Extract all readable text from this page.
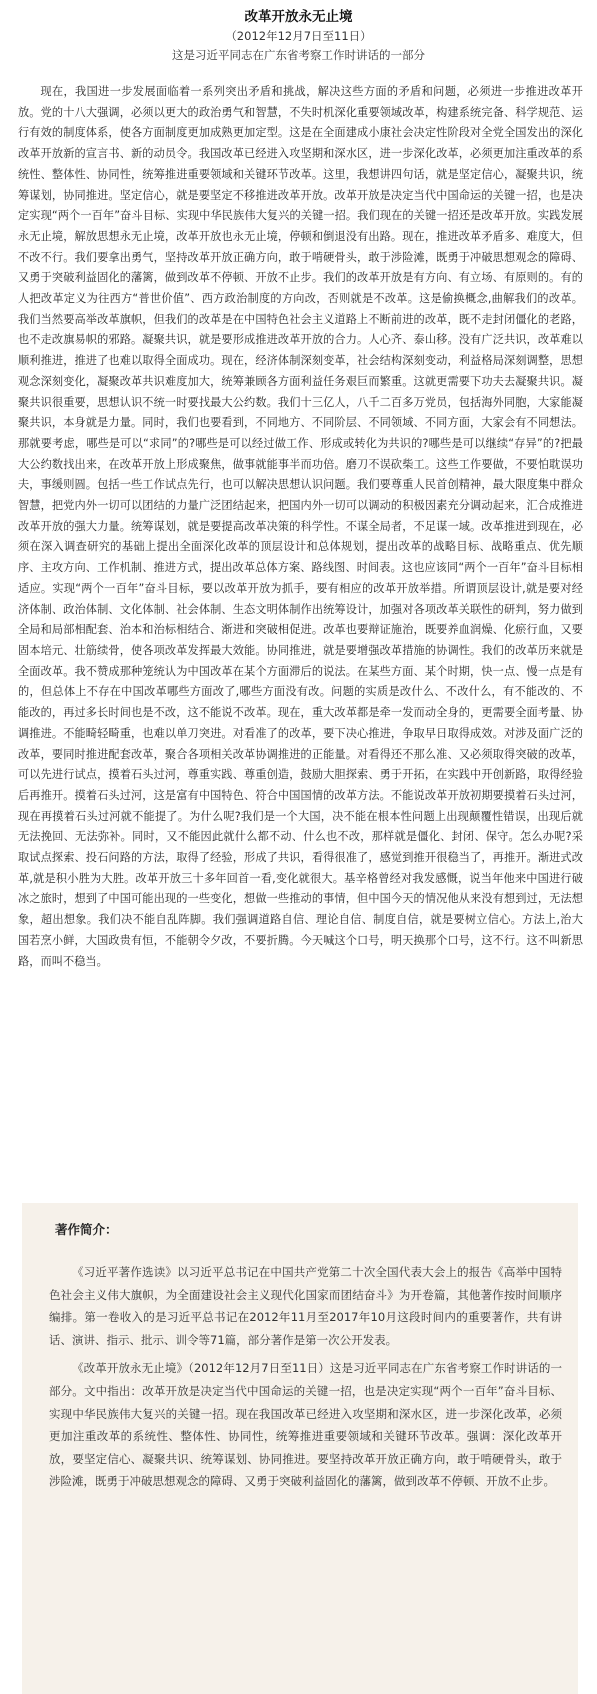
改革开放永无止境

（2012年12月7日至11日）

这是习近平同志在广东省考察工作时讲话的一部分

现在，我国进一步发展面临着一系列突出矛盾和挑战，解决这些方面的矛盾和问题，必须进一步推进改革开放。党的十八大强调，必须以更大的政治勇气和智慧，不失时机深化重要领域改革，构建系统完备、科学规范、运行有效的制度体系，使各方面制度更加成熟更加定型。这是在全面建成小康社会决定性阶段对全党全国发出的深化改革开放新的宣言书、新的动员令。我国改革已经进入攻坚期和深水区，进一步深化改革，必须更加注重改革的系统性、整体性、协同性，统筹推进重要领域和关键环节改革。这里，我想讲四句话，就是坚定信心，凝聚共识，统筹谋划，协同推进。坚定信心，就是要坚定不移推进改革开放。改革开放是决定当代中国命运的关键一招，也是决定实现“两个一百年”奋斗目标、实现中华民族伟大复兴的关键一招。我们现在的关键一招还是改革开放。实践发展永无止境，解放思想永无止境，改革开放也永无止境，停顿和倒退没有出路。现在，推进改革矛盾多、难度大，但不改不行。我们要拿出勇气，坚持改革开放正确方向，敢于啃硬骨头，敢于涉险滩，既勇于冲破思想观念的障碍、又勇于突破利益固化的藩篱，做到改革不停顿、开放不止步。我们的改革开放是有方向、有立场、有原则的。有的人把改革定义为往西方“普世价值”、西方政治制度的方向改，否则就是不改革。这是偷换概念,曲解我们的改革。我们当然要高举改革旗帜，但我们的改革是在中国特色社会主义道路上不断前进的改革，既不走封闭僵化的老路，也不走改旗易帜的邪路。凝聚共识，就是要形成推进改革开放的合力。人心齐、泰山移。没有广泛共识，改革难以顺利推进，推进了也难以取得全面成功。现在，经济体制深刻变革，社会结构深刻变动，利益格局深刻调整，思想观念深刻变化，凝聚改革共识难度加大，统筹兼顾各方面利益任务艰巨而繁重。这就更需要下功夫去凝聚共识。凝聚共识很重要，思想认识不统一时要找最大公约数。我们十三亿人，八千二百多万党员，包括海外同胞，大家能凝聚共识，本身就是力量。同时，我们也要看到，不同地方、不同阶层、不同领域、不同方面，大家会有不同想法。那就要考虑，哪些是可以“求同”的?哪些是可以经过做工作、形成或转化为共识的?哪些是可以继续“存异”的?把最大公约数找出来，在改革开放上形成聚焦，做事就能事半而功倍。磨刀不误砍柴工。这些工作要做，不要怕耽误功夫，事缓则圆。包括一些工作试点先行，也可以解决思想认识问题。我们要尊重人民首创精神，最大限度集中群众智慧，把党内外一切可以团结的力量广泛团结起来，把国内外一切可以调动的积极因素充分调动起来，汇合成推进改革开放的强大力量。统筹谋划，就是要提高改革决策的科学性。不谋全局者，不足谋一域。改革推进到现在，必须在深入调查研究的基础上提出全面深化改革的顶层设计和总体规划，提出改革的战略目标、战略重点、优先顺序、主攻方向、工作机制、推进方式，提出改革总体方案、路线图、时间表。这也应该同“两个一百年”奋斗目标相适应。实现“两个一百年”奋斗目标，要以改革开放为抓手，要有相应的改革开放举措。所谓顶层设计,就是要对经济体制、政治体制、文化体制、社会体制、生态文明体制作出统筹设计，加强对各项改革关联性的研判，努力做到全局和局部相配套、治本和治标相结合、渐进和突破相促进。改革也要辩证施治，既要养血润燥、化瘀行血，又要固本培元、壮筋续骨，使各项改革发挥最大效能。协同推进，就是要增强改革措施的协调性。我们的改革历来就是全面改革。我不赞成那种笼统认为中国改革在某个方面滞后的说法。在某些方面、某个时期，快一点、慢一点是有的，但总体上不存在中国改革哪些方面改了,哪些方面没有改。问题的实质是改什么、不改什么，有不能改的、不能改的，再过多长时间也是不改，这不能说不改革。现在，重大改革都是牵一发而动全身的，更需要全面考量、协调推进。不能畸轻畸重，也难以单刀突进。对看准了的改革，要下决心推进，争取早日取得成效。对涉及面广泛的改革，要同时推进配套改革，聚合各项相关改革协调推进的正能量。对看得还不那么准、又必须取得突破的改革，可以先进行试点，摸着石头过河，尊重实践、尊重创造，鼓励大胆探索、勇于开拓，在实践中开创新路，取得经验后再推开。摸着石头过河，这是富有中国特色、符合中国国情的改革方法。不能说改革开放初期要摸着石头过河，现在再摸着石头过河就不能提了。为什么呢?我们是一个大国，决不能在根本性问题上出现颠覆性错误，出现后就无法挽回、无法弥补。同时，又不能因此就什么都不动、什么也不改，那样就是僵化、封闭、保守。怎么办呢?采取试点探索、投石问路的方法，取得了经验，形成了共识，看得很准了，感觉到推开很稳当了，再推开。渐进式改革,就是积小胜为大胜。改革开放三十多年回首一看,变化就很大。基辛格曾经对我发感慨，说当年他来中国进行破冰之旅时，想到了中国可能出现的一些变化，想做一些推动的事情，但中国今天的情况他从来没有想到过，无法想象，超出想象。我们决不能自乱阵脚。我们强调道路自信、理论自信、制度自信，就是要树立信心。方法上,治大国若烹小鲜，大国政贵有恒，不能朝令夕改，不要折腾。今天喊这个口号，明天换那个口号，这不行。这不叫新思路，而叫不稳当。

著作简介：

《习近平著作选读》以习近平总书记在中国共产党第二十次全国代表大会上的报告《高举中国特色社会主义伟大旗帜，为全面建设社会主义现代化国家而团结奋斗》为开卷篇，其他著作按时间顺序编排。第一卷收入的是习近平总书记在2012年11月至2017年10月这段时间内的重要著作，共有讲话、演讲、指示、批示、训令等71篇，部分著作是第一次公开发表。

《改革开放永无止境》（2012年12月7日至11日）这是习近平同志在广东省考察工作时讲话的一部分。文中指出：改革开放是决定当代中国命运的关键一招，也是决定实现“两个一百年”奋斗目标、实现中华民族伟大复兴的关键一招。现在我国改革已经进入攻坚期和深水区，进一步深化改革，必须更加注重改革的系统性、整体性、协同性，统筹推进重要领域和关键环节改革。强调：深化改革开放，要坚定信心、凝聚共识、统筹谋划、协同推进。要坚持改革开放正确方向，敢于啃硬骨头，敢于涉险滩，既勇于冲破思想观念的障碍、又勇于突破利益固化的藩篱，做到改革不停顿、开放不止步。
